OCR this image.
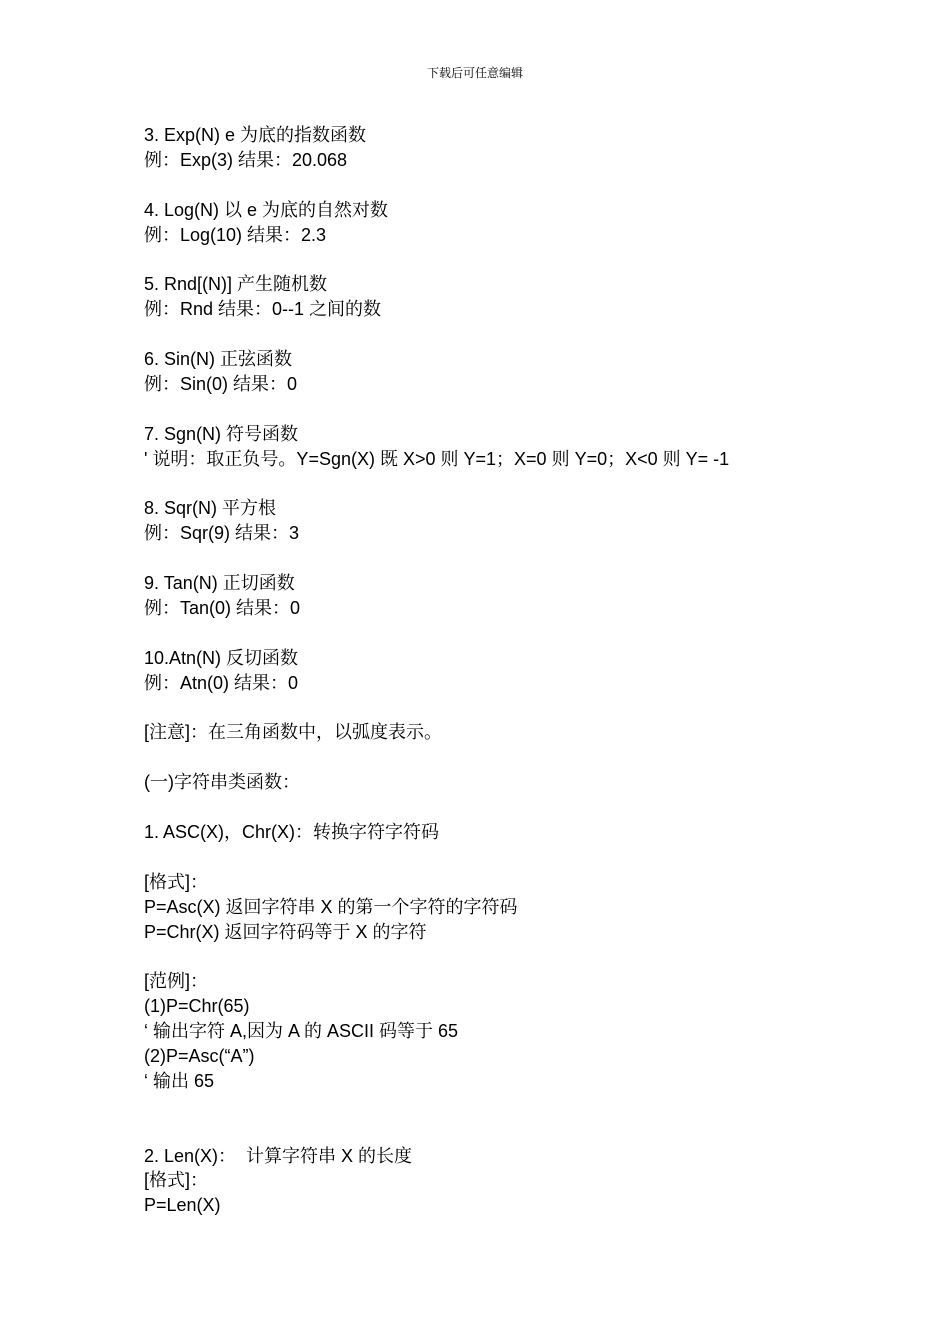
下载后可任意编辑
3. Exp(N) e 为底的指数函数
例：Exp(3) 结果：20.068
4. Log(N) 以 e 为底的自然对数
例：Log(10) 结果：2.3
5. Rnd[(N)] 产生随机数
例：Rnd 结果：0--1 之间的数
6. Sin(N) 正弦函数
例：Sin(0) 结果：0
7. Sgn(N) 符号函数
' 说明：取正负号。Y=Sgn(X) 既 X>0 则 Y=1；X=0 则 Y=0；X<0 则 Y= -1
8. Sqr(N) 平方根
例：Sqr(9) 结果：3
9. Tan(N) 正切函数
例：Tan(0) 结果：0
10.Atn(N) 反切函数
例：Atn(0) 结果：0
[注意]：在三角函数中，以弧度表示。
(一)字符串类函数：
1. ASC(X)，Chr(X)：转换字符字符码
[格式]：
P=Asc(X) 返回字符串 X 的第一个字符的字符码
P=Chr(X) 返回字符码等于 X 的字符
[范例]：
(1)P=Chr(65)
‘ 输出字符 A,因为 A 的 ASCII 码等于 65
(2)P=Asc(“A”)
‘ 输出 65
2. Len(X)：  计算字符串 X 的长度
[格式]：
P=Len(X)
